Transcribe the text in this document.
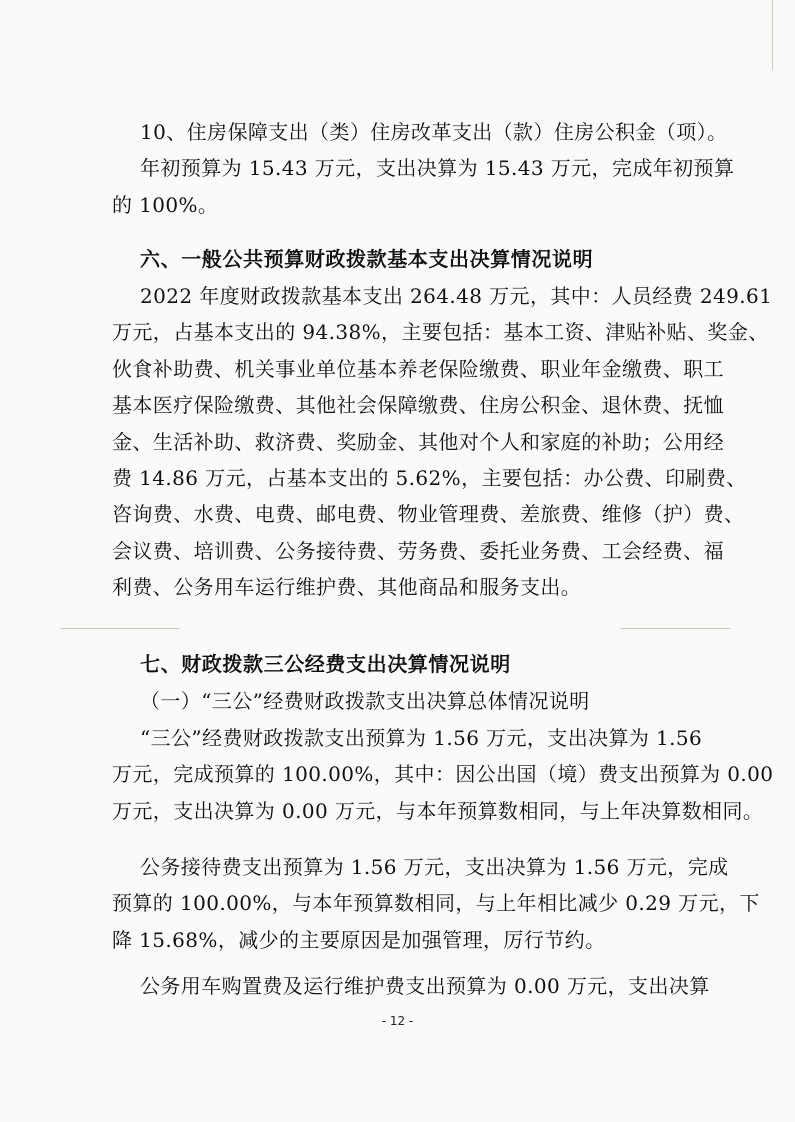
10、住房保障支出（类）住房改革支出（款）住房公积金（项）。
年初预算为 15.43 万元，支出决算为 15.43 万元，完成年初预算
的 100%。
六、一般公共预算财政拨款基本支出决算情况说明
2022 年度财政拨款基本支出 264.48 万元，其中：人员经费 249.61
万元，占基本支出的 94.38%，主要包括：基本工资、津贴补贴、奖金、
伙食补助费、机关事业单位基本养老保险缴费、职业年金缴费、职工
基本医疗保险缴费、其他社会保障缴费、住房公积金、退休费、抚恤
金、生活补助、救济费、奖励金、其他对个人和家庭的补助；公用经
费 14.86 万元，占基本支出的 5.62%，主要包括：办公费、印刷费、
咨询费、水费、电费、邮电费、物业管理费、差旅费、维修（护）费、
会议费、培训费、公务接待费、劳务费、委托业务费、工会经费、福
利费、公务用车运行维护费、其他商品和服务支出。
七、财政拨款三公经费支出决算情况说明
（一）“三公”经费财政拨款支出决算总体情况说明
“三公”经费财政拨款支出预算为 1.56 万元，支出决算为 1.56
万元，完成预算的 100.00%，其中：因公出国（境）费支出预算为 0.00
万元，支出决算为 0.00 万元，与本年预算数相同，与上年决算数相同。
公务接待费支出预算为 1.56 万元，支出决算为 1.56 万元，完成
预算的 100.00%，与本年预算数相同，与上年相比减少 0.29 万元，下
降 15.68%，减少的主要原因是加强管理，厉行节约。
公务用车购置费及运行维护费支出预算为 0.00 万元，支出决算
- 12 -
